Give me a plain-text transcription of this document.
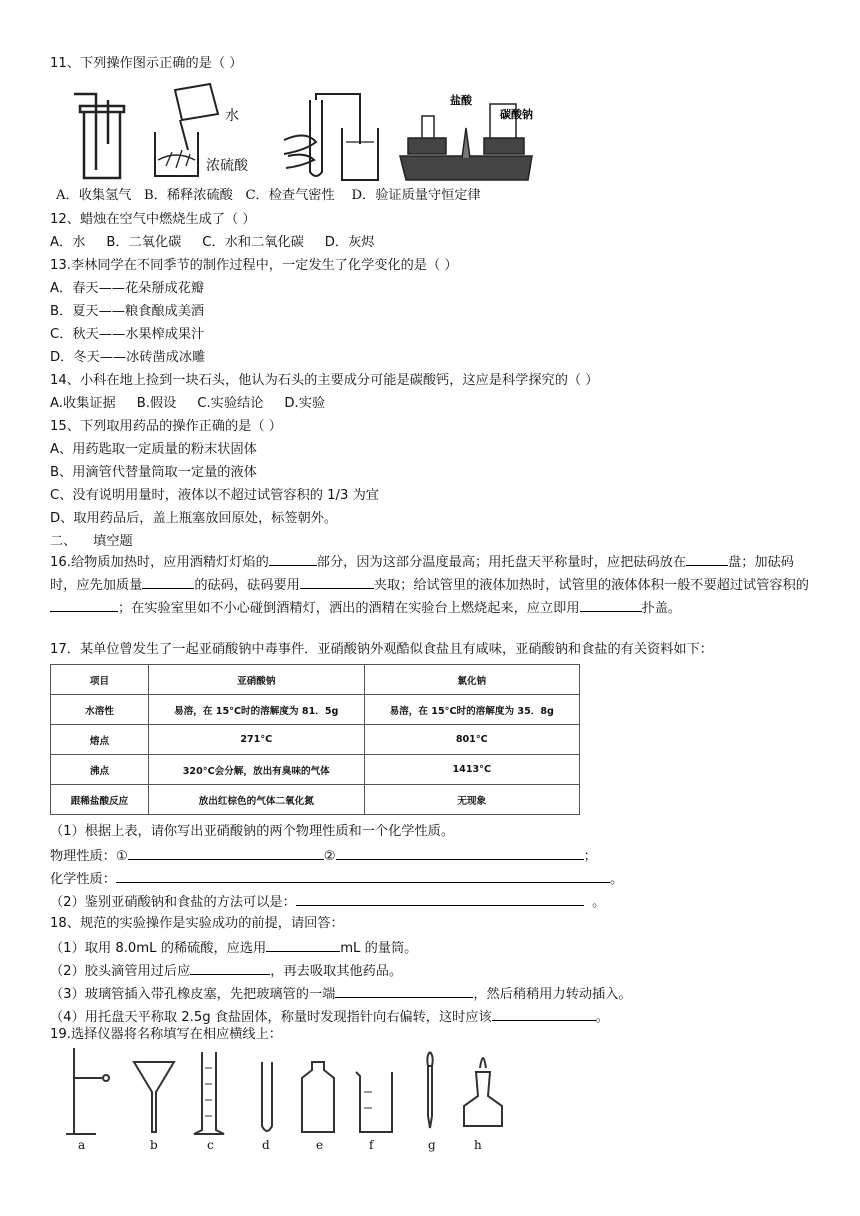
11、下列操作图示正确的是（ ）
水
浓硫酸
盐酸
碳酸钠
A．收集氢气 B．稀释浓硫酸 C．检查气密性 D．验证质量守恒定律
12、蜡烛在空气中燃烧生成了（ ）
A．水     B．二氧化碳     C．水和二氧化碳     D．灰烬
13.李林同学在不同季节的制作过程中，一定发生了化学变化的是（ ）
A．春天——花朵掰成花瓣
B．夏天——粮食酿成美酒
C．秋天——水果榨成果汁
D．冬天——冰砖凿成冰雕
14、小科在地上捡到一块石头，他认为石头的主要成分可能是碳酸钙，这应是科学探究的（ ）
A.收集证据     B.假设     C.实验结论     D.实验
15、下列取用药品的操作正确的是（ ）
A、用药匙取一定质量的粉末状固体
B、用滴管代替量筒取一定量的液体
C、没有说明用量时，液体以不超过试管容积的 1/3 为宜
D、取用药品后，盖上瓶塞放回原处，标签朝外。
二、    填空题
16.给物质加热时，应用酒精灯灯焰的	部分，因为这部分温度最高；用托盘天平称量时，应把砝码放在	盘；加砝码时，应先加质量	的砝码，砝码要用	夹取；给试管里的液体加热时，试管里的液体体积一般不要超过试管容积的；在实验室里如不小心碰倒酒精灯，洒出的酒精在实验台上燃烧起来，应立即用	扑盖。
17．某单位曾发生了一起亚硝酸钠中毒事件．亚硝酸钠外观酷似食盐且有咸味，亚硝酸钠和食盐的有关资料如下：
项目	亚硝酸钠	氯化钠
水溶性	易溶，在 15°C时的溶解度为 81．5g	易溶，在 15°C时的溶解度为 35．8g
熔点	271°C	801°C
沸点	320°C会分解，放出有臭味的气体	1413°C
跟稀盐酸反应	放出红棕色的气体二氧化氮	无现象
（1）根据上表，请你写出亚硝酸钠的两个物理性质和一个化学性质。
物理性质：①	②	；
化学性质：	。
（2）鉴别亚硝酸钠和食盐的方法可以是：	。
18、规范的实验操作是实验成功的前提，请回答：
（1）取用 8.0mL 的稀硫酸，应选用	mL 的量筒。
（2）胶头滴管用过后应	，再去吸取其他药品。
（3）玻璃管插入带孔橡皮塞，先把玻璃管的一端	，然后稍稍用力转动插入。
（4）用托盘天平称取 2.5g 食盐固体，称量时发现指针向右偏转，这时应该	。
19.选择仪器将名称填写在相应横线上：
a	b	c	d	e	f	g	h
